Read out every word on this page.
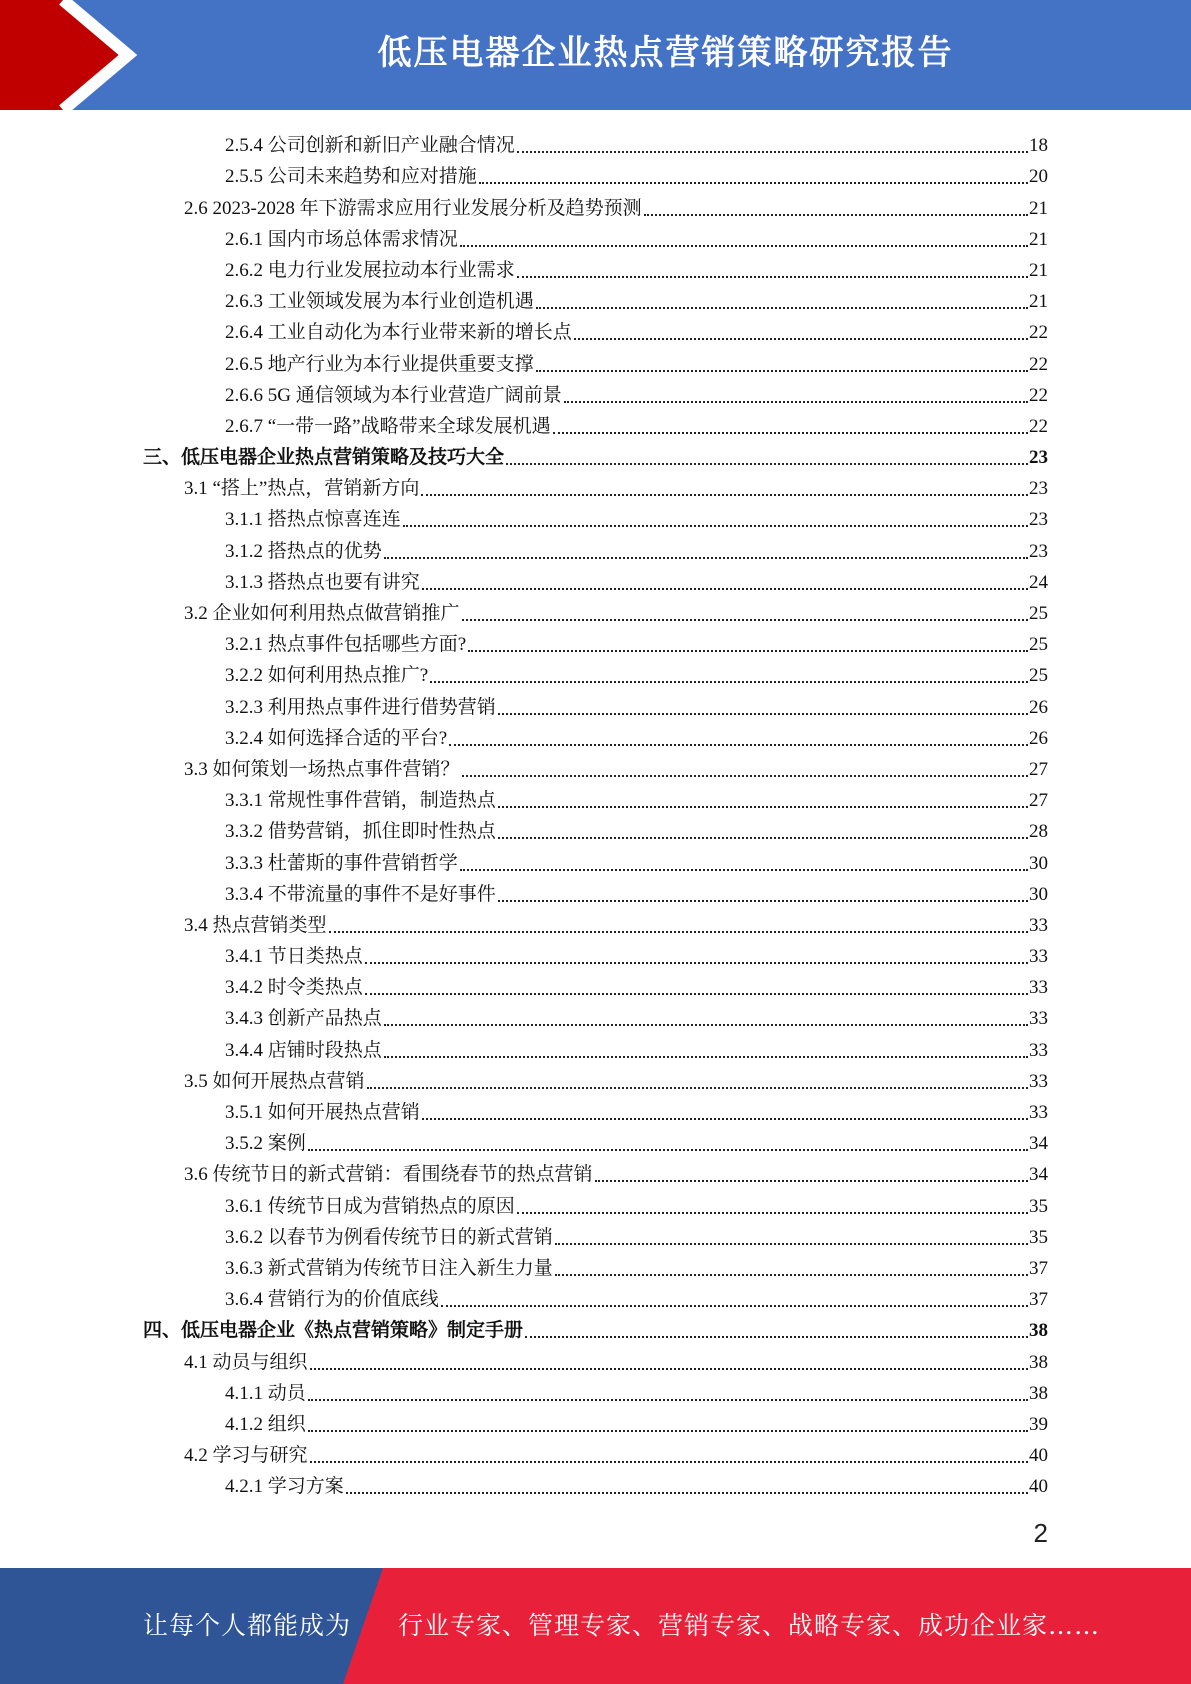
低压电器企业热点营销策略研究报告
2.5.4 公司创新和新旧产业融合情况	18
2.5.5 公司未来趋势和应对措施	20
2.6 2023-2028 年下游需求应用行业发展分析及趋势预测	21
2.6.1 国内市场总体需求情况	21
2.6.2 电力行业发展拉动本行业需求	21
2.6.3 工业领域发展为本行业创造机遇	21
2.6.4 工业自动化为本行业带来新的增长点	22
2.6.5 地产行业为本行业提供重要支撑	22
2.6.6 5G 通信领域为本行业营造广阔前景	22
2.6.7 “一带一路”战略带来全球发展机遇	22
三、低压电器企业热点营销策略及技巧大全	23
3.1 “搭上”热点，营销新方向	23
3.1.1 搭热点惊喜连连	23
3.1.2 搭热点的优势	23
3.1.3 搭热点也要有讲究	24
3.2 企业如何利用热点做营销推广	25
3.2.1 热点事件包括哪些方面?	25
3.2.2 如何利用热点推广?	25
3.2.3 利用热点事件进行借势营销	26
3.2.4 如何选择合适的平台?	26
3.3 如何策划一场热点事件营销？	27
3.3.1 常规性事件营销，制造热点	27
3.3.2 借势营销，抓住即时性热点	28
3.3.3 杜蕾斯的事件营销哲学	30
3.3.4 不带流量的事件不是好事件	30
3.4 热点营销类型	33
3.4.1 节日类热点	33
3.4.2 时令类热点	33
3.4.3 创新产品热点	33
3.4.4 店铺时段热点	33
3.5 如何开展热点营销	33
3.5.1 如何开展热点营销	33
3.5.2 案例	34
3.6 传统节日的新式营销：看围绕春节的热点营销	34
3.6.1 传统节日成为营销热点的原因	35
3.6.2 以春节为例看传统节日的新式营销	35
3.6.3 新式营销为传统节日注入新生力量	37
3.6.4 营销行为的价值底线	37
四、低压电器企业《热点营销策略》制定手册	38
4.1 动员与组织	38
4.1.1 动员	38
4.1.2 组织	39
4.2 学习与研究	40
4.2.1 学习方案	40
2
让每个人都能成为 行业专家、管理专家、营销专家、战略专家、成功企业家……
